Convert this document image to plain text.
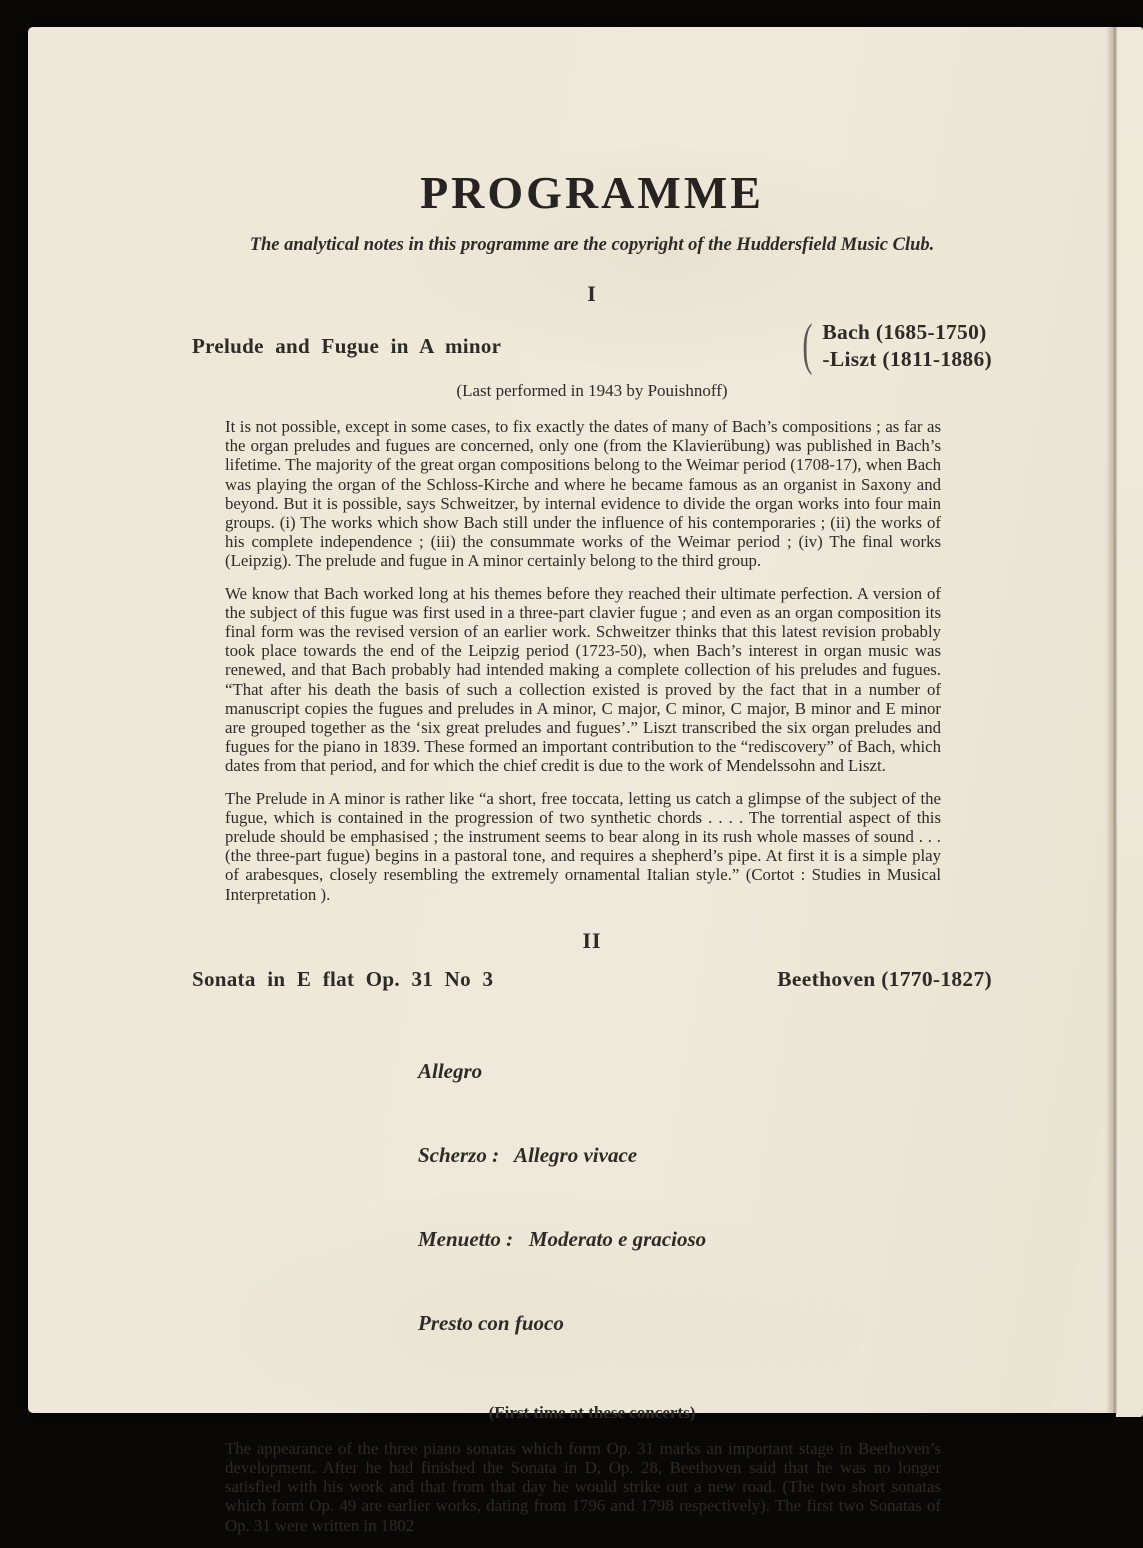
PROGRAMME
The analytical notes in this programme are the copyright of the Huddersfield Music Club.
I
Prelude and Fugue in A minor	( Bach (1685-1750)
-Liszt (1811-1886)
(Last performed in 1943 by Pouishnoff)

It is not possible, except in some cases, to fix exactly the dates of many of Bach’s compositions ; as far as the organ preludes and fugues are concerned, only one (from the Klavierübung) was published in Bach’s lifetime. The majority of the great organ compositions belong to the Weimar period (1708-17), when Bach was playing the organ of the Schloss-Kirche and where he became famous as an organist in Saxony and beyond. But it is possible, says Schweitzer, by internal evidence to divide the organ works into four main groups. (i) The works which show Bach still under the influence of his contemporaries ; (ii) the works of his complete independence ; (iii) the consummate works of the Weimar period ; (iv) The final works (Leipzig). The prelude and fugue in A minor certainly belong to the third group.

We know that Bach worked long at his themes before they reached their ultimate perfection. A version of the subject of this fugue was first used in a three-part clavier fugue ; and even as an organ composition its final form was the revised version of an earlier work. Schweitzer thinks that this latest revision probably took place towards the end of the Leipzig period (1723-50), when Bach’s interest in organ music was renewed, and that Bach probably had intended making a complete collection of his preludes and fugues. “That after his death the basis of such a collection existed is proved by the fact that in a number of manuscript copies the fugues and preludes in A minor, C major, C minor, C major, B minor and E minor are grouped together as the ‘six great preludes and fugues’.” Liszt transcribed the six organ preludes and fugues for the piano in 1839. These formed an important contribution to the “rediscovery” of Bach, which dates from that period, and for which the chief credit is due to the work of Mendelssohn and Liszt.

The Prelude in A minor is rather like “a short, free toccata, letting us catch a glimpse of the subject of the fugue, which is contained in the progression of two synthetic chords . . . . The torrential aspect of this prelude should be emphasised ; the instrument seems to bear along in its rush whole masses of sound . . . (the three-part fugue) begins in a pastoral tone, and requires a shepherd’s pipe. At first it is a simple play of arabesques, closely resembling the extremely ornamental Italian style.” (Cortot : Studies in Musical Interpretation ).

II
Sonata in E flat Op. 31 No 3	Beethoven (1770-1827)

Allegro

Scherzo :   Allegro vivace

Menuetto :   Moderato e gracioso

Presto con fuoco

(First time at these concerts)

The appearance of the three piano sonatas which form Op. 31 marks an important stage in Beethoven’s development. After he had finished the Sonata in D, Op. 28, Beethoven said that he was no longer satisfied with his work and that from that day he would strike out a new road. (The two short sonatas which form Op. 49 are earlier works, dating from 1796 and 1798 respectively). The first two Sonatas of Op. 31 were written in 1802
